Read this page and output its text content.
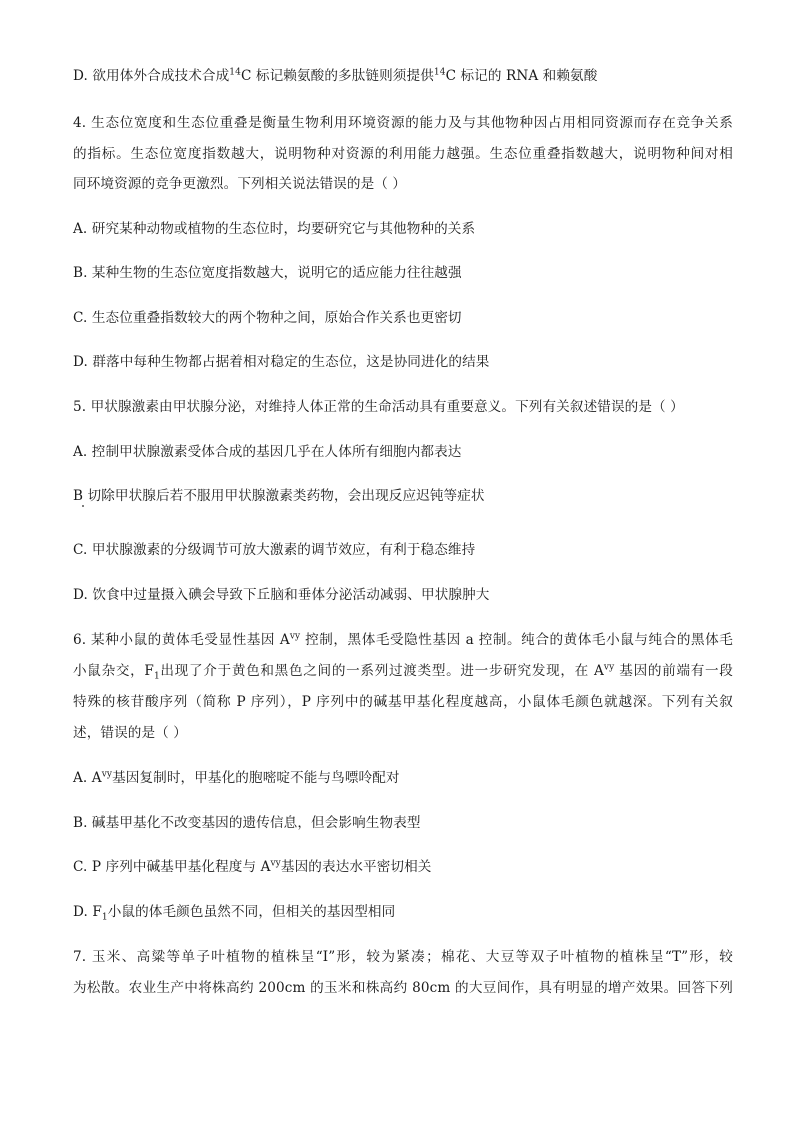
D. 欲用体外合成技术合成$^{14}$C 标记赖氨酸的多肽链则须提供$^{14}$C 标记的 RNA 和赖氨酸
4. 生态位宽度和生态位重叠是衡量生物利用环境资源的能力及与其他物种因占用相同资源而存在竞争关系
的指标。生态位宽度指数越大，说明物种对资源的利用能力越强。生态位重叠指数越大，说明物种间对相
同环境资源的竞争更激烈。下列相关说法错误的是（ ）
A. 研究某种动物或植物的生态位时，均要研究它与其他物种的关系
B. 某种生物的生态位宽度指数越大，说明它的适应能力往往越强
C. 生态位重叠指数较大的两个物种之间，原始合作关系也更密切
D. 群落中每种生物都占据着相对稳定的生态位，这是协同进化的结果
5. 甲状腺激素由甲状腺分泌，对维持人体正常的生命活动具有重要意义。下列有关叙述错误的是（ ）
A. 控制甲状腺激素受体合成的基因几乎在人体所有细胞内都表达
B 切除甲状腺后若不服用甲状腺激素类药物，会出现反应迟钝等症状
C. 甲状腺激素的分级调节可放大激素的调节效应，有利于稳态维持
D. 饮食中过量摄入碘会导致下丘脑和垂体分泌活动减弱、甲状腺肿大
6. 某种小鼠的黄体毛受显性基因 $A^{vy}$ 控制，黑体毛受隐性基因 a 控制。纯合的黄体毛小鼠与纯合的黑体毛
小鼠杂交，$F_1$出现了介于黄色和黑色之间的一系列过渡类型。进一步研究发现，在 $A^{vy}$ 基因的前端有一段
特殊的核苷酸序列（简称 P 序列），P 序列中的碱基甲基化程度越高，小鼠体毛颜色就越深。下列有关叙
述，错误的是（ ）
A. $A^{vy}$基因复制时，甲基化的胞嘧啶不能与鸟嘌呤配对
B. 碱基甲基化不改变基因的遗传信息，但会影响生物表型
C. P 序列中碱基甲基化程度与 $A^{vy}$基因的表达水平密切相关
D. $F_1$小鼠的体毛颜色虽然不同，但相关的基因型相同
7. 玉米、高粱等单子叶植物的植株呈“I”形，较为紧凑；棉花、大豆等双子叶植物的植株呈“T”形，较
为松散。农业生产中将株高约 200cm 的玉米和株高约 80cm 的大豆间作，具有明显的增产效果。回答下列
